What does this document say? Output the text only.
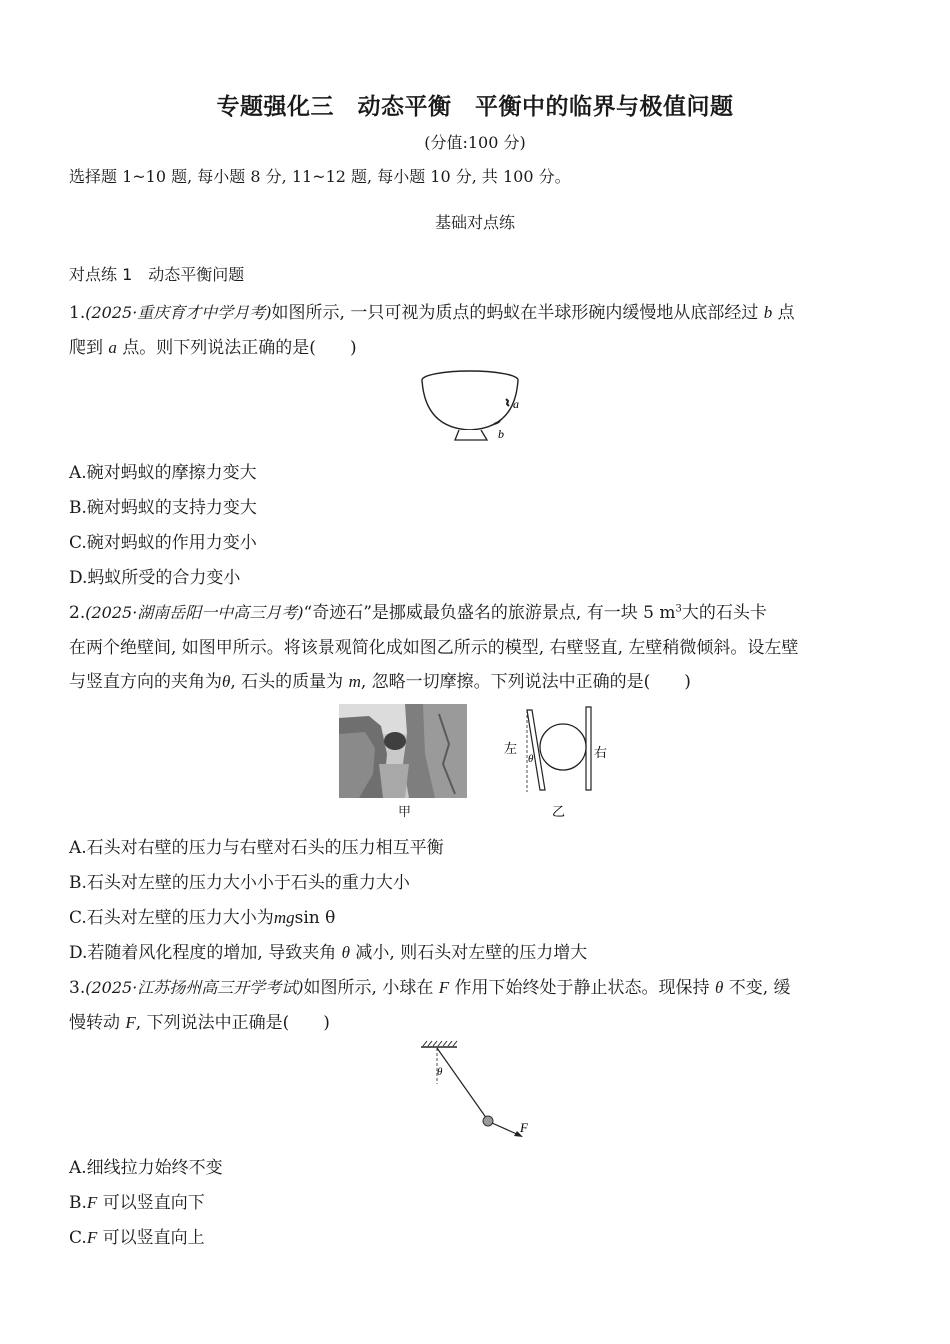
专题强化三　动态平衡　平衡中的临界与极值问题
(分值:100 分)
选择题 1~10 题, 每小题 8 分, 11~12 题, 每小题 10 分, 共 100 分。
基础对点练
对点练 1　动态平衡问题
1.(2025·重庆育才中学月考)如图所示, 一只可视为质点的蚂蚁在半球形碗内缓慢地从底部经过 b 点
爬到 a 点。则下列说法正确的是(　　)
a
b
A.碗对蚂蚁的摩擦力变大
B.碗对蚂蚁的支持力变大
C.碗对蚂蚁的作用力变小
D.蚂蚁所受的合力变小
2.(2025·湖南岳阳一中高三月考)“奇迹石”是挪威最负盛名的旅游景点, 有一块 5 $m^3$大的石头卡
在两个绝壁间, 如图甲所示。将该景观简化成如图乙所示的模型, 右壁竖直, 左壁稍微倾斜。设左壁
与竖直方向的夹角为θ, 石头的质量为 m, 忽略一切摩擦。下列说法中正确的是(　　)
甲
左	右
θ
乙
A.石头对右壁的压力与右壁对石头的压力相互平衡
B.石头对左壁的压力大小小于石头的重力大小
C.石头对左壁的压力大小为mgsin θ
D.若随着风化程度的增加, 导致夹角 θ 减小, 则石头对左壁的压力增大
3.(2025·江苏扬州高三开学考试)如图所示, 小球在 F 作用下始终处于静止状态。现保持 θ 不变, 缓
慢转动 F, 下列说法中正确是(　　)
θ
F
A.细线拉力始终不变
B.F 可以竖直向下
C.F 可以竖直向上
